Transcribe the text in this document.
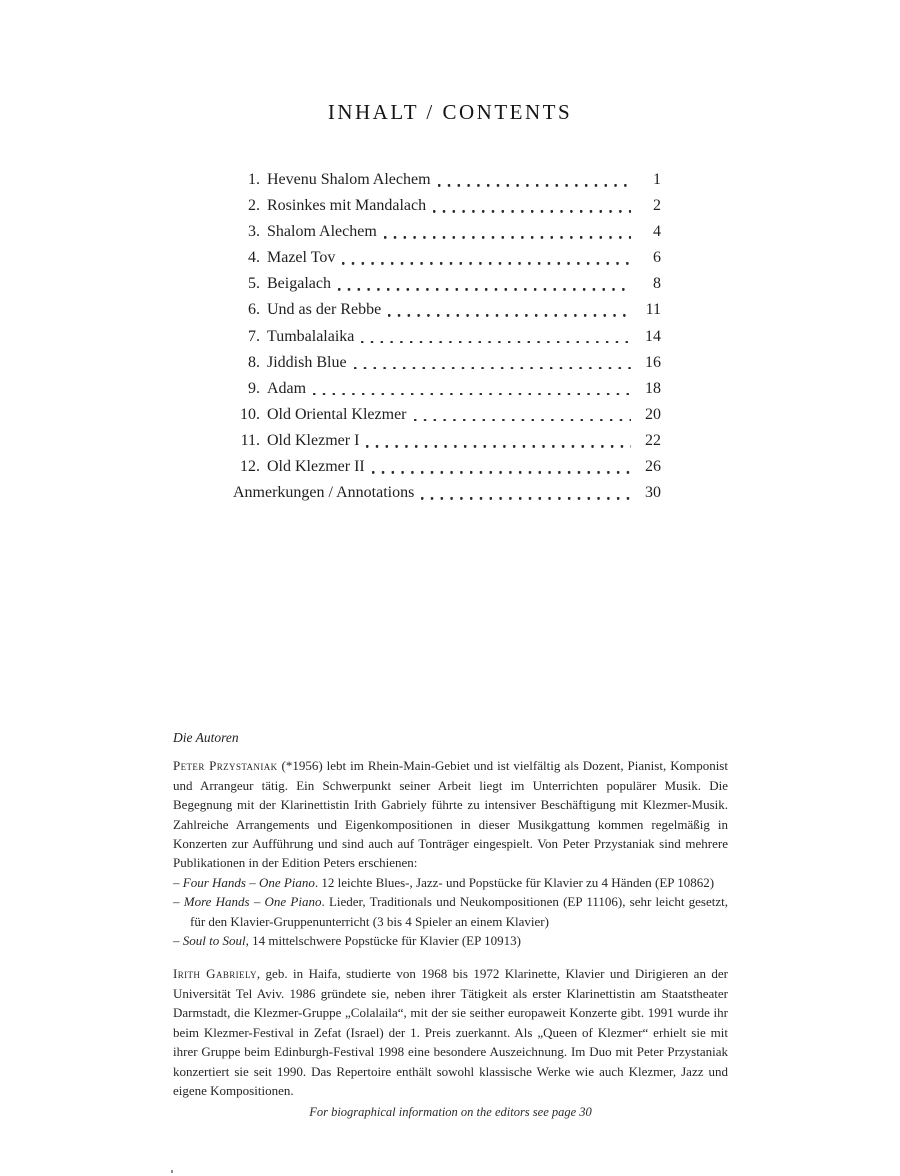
INHALT / CONTENTS
1. Hevenu Shalom Alechem	1
2. Rosinkes mit Mandalach	2
3. Shalom Alechem	4
4. Mazel Tov	6
5. Beigalach	8
6. Und as der Rebbe	11
7. Tumbalalaika	14
8. Jiddish Blue	16
9. Adam	18
10. Old Oriental Klezmer	20
11. Old Klezmer I	22
12. Old Klezmer II	26
Anmerkungen / Annotations	30
Die Autoren

Peter Przystaniak (*1956) lebt im Rhein-Main-Gebiet und ist vielfältig als Dozent, Pianist, Komponist und Arrangeur tätig. Ein Schwerpunkt seiner Arbeit liegt im Unterrichten populärer Musik. Die Begegnung mit der Klarinettistin Irith Gabriely führte zu intensiver Beschäftigung mit Klezmer-Musik. Zahlreiche Arrangements und Eigenkompositionen in dieser Musikgattung kommen regelmäßig in Konzerten zur Aufführung und sind auch auf Tonträger eingespielt. Von Peter Przystaniak sind mehrere Publikationen in der Edition Peters erschienen:

– Four Hands – One Piano. 12 leichte Blues-, Jazz- und Popstücke für Klavier zu 4 Händen (EP 10862)
– More Hands – One Piano. Lieder, Traditionals und Neukompositionen (EP 11106), sehr leicht gesetzt, für den Klavier-Gruppenunterricht (3 bis 4 Spieler an einem Klavier)
– Soul to Soul, 14 mittelschwere Popstücke für Klavier (EP 10913)

Irith Gabriely, geb. in Haifa, studierte von 1968 bis 1972 Klarinette, Klavier und Dirigieren an der Universität Tel Aviv. 1986 gründete sie, neben ihrer Tätigkeit als erster Klarinettistin am Staatstheater Darmstadt, die Klezmer-Gruppe „Colalaila“, mit der sie seither europaweit Konzerte gibt. 1991 wurde ihr beim Klezmer-Festival in Zefat (Israel) der 1. Preis zuerkannt. Als „Queen of Klezmer“ erhielt sie mit ihrer Gruppe beim Edinburgh-Festival 1998 eine besondere Auszeichnung. Im Duo mit Peter Przystaniak konzertiert sie seit 1990. Das Repertoire enthält sowohl klassische Werke wie auch Klezmer, Jazz und eigene Kompositionen.

For biographical information on the editors see page 30
